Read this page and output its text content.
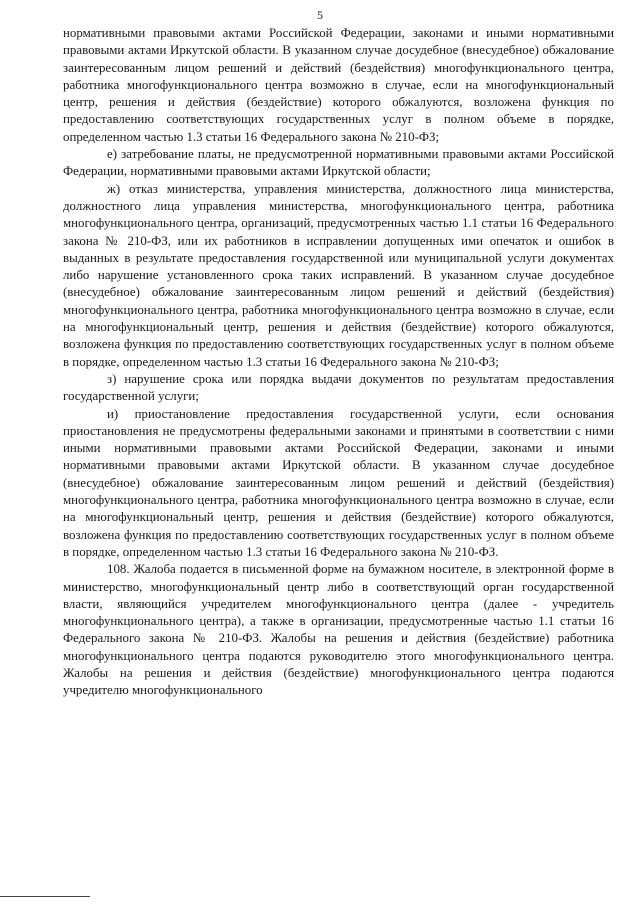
5

нормативными правовыми актами Российской Федерации, законами и иными нормативными правовыми актами Иркутской области. В указанном случае досудебное (внесудебное) обжалование заинтересованным лицом решений и действий (бездействия) многофункционального центра, работника многофункционального центра возможно в случае, если на многофункциональный центр, решения и действия (бездействие) которого обжалуются, возложена функция по предоставлению соответствующих государственных услуг в полном объеме в порядке, определенном частью 1.3 статьи 16 Федерального закона № 210-ФЗ;

е) затребование платы, не предусмотренной нормативными правовыми актами Российской Федерации, нормативными правовыми актами Иркутской области;

ж) отказ министерства, управления министерства, должностного лица министерства, должностного лица управления министерства, многофункционального центра, работника многофункционального центра, организаций, предусмотренных частью 1.1 статьи 16 Федерального закона № 210-ФЗ, или их работников в исправлении допущенных ими опечаток и ошибок в выданных в результате предоставления государственной или муниципальной услуги документах либо нарушение установленного срока таких исправлений. В указанном случае досудебное (внесудебное) обжалование заинтересованным лицом решений и действий (бездействия) многофункционального центра, работника многофункционального центра возможно в случае, если на многофункциональный центр, решения и действия (бездействие) которого обжалуются, возложена функция по предоставлению соответствующих государственных услуг в полном объеме в порядке, определенном частью 1.3 статьи 16 Федерального закона № 210-ФЗ;

з) нарушение срока или порядка выдачи документов по результатам предоставления государственной услуги;

и) приостановление предоставления государственной услуги, если основания приостановления не предусмотрены федеральными законами и принятыми в соответствии с ними иными нормативными правовыми актами Российской Федерации, законами и иными нормативными правовыми актами Иркутской области. В указанном случае досудебное (внесудебное) обжалование заинтересованным лицом решений и действий (бездействия) многофункционального центра, работника многофункционального центра возможно в случае, если на многофункциональный центр, решения и действия (бездействие) которого обжалуются, возложена функция по предоставлению соответствующих государственных услуг в полном объеме в порядке, определенном частью 1.3 статьи 16 Федерального закона № 210-ФЗ.

108. Жалоба подается в письменной форме на бумажном носителе, в электронной форме в министерство, многофункциональный центр либо в соответствующий орган государственной власти, являющийся учредителем многофункционального центра (далее - учредитель многофункционального центра), а также в организации, предусмотренные частью 1.1 статьи 16 Федерального закона № 210-ФЗ. Жалобы на решения и действия (бездействие) работника многофункционального центра подаются руководителю этого многофункционального центра. Жалобы на решения и действия (бездействие) многофункционального центра подаются учредителю многофункционального
